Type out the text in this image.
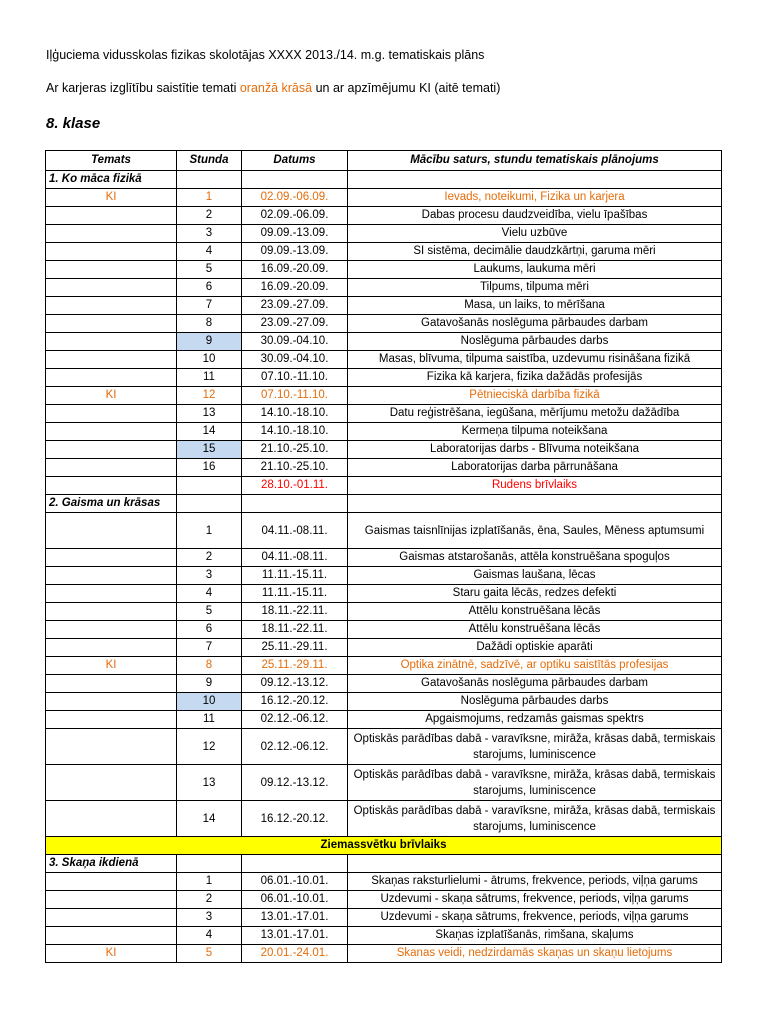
Iļģuciema vidusskolas fizikas skolotājas XXXX 2013./14. m.g. tematiskais plāns
Ar karjeras izglītību saistītie temati oranžā krāsā un ar apzīmējumu KI (aitē temati)
8. klase
Temats	Stunda	Datums	Mācību saturs, stundu tematiskais plānojums
1. Ko māca fizikā			
KI	1	02.09.-06.09.	Ievads, noteikumi, Fizika un karjera
	2	02.09.-06.09.	Dabas procesu daudzveidība, vielu īpašības
	3	09.09.-13.09.	Vielu uzbūve
	4	09.09.-13.09.	SI sistēma, decimālie daudzkārtņi, garuma mēri
	5	16.09.-20.09.	Laukums, laukuma mēri
	6	16.09.-20.09.	Tilpums, tilpuma mēri
	7	23.09.-27.09.	Masa, un laiks, to mērīšana
	8	23.09.-27.09.	Gatavošanās noslēguma pārbaudes darbam
	9	30.09.-04.10.	Noslēguma pārbaudes darbs
	10	30.09.-04.10.	Masas, blīvuma, tilpuma saistība, uzdevumu risināšana fizikā
	11	07.10.-11.10.	Fizika kā karjera, fizika dažādās profesijās
KI	12	07.10.-11.10.	Pētnieciskā darbība fizikā
	13	14.10.-18.10.	Datu reģistrēšana, iegūšana, mērījumu metožu dažādība
	14	14.10.-18.10.	Kermeņa tilpuma noteikšana
	15	21.10.-25.10.	Laboratorijas darbs - Blīvuma noteikšana
	16	21.10.-25.10.	Laboratorijas darba pārrunāšana
		28.10.-01.11.	Rudens brīvlaiks
2. Gaisma un krāsas			
	1	04.11.-08.11.	Gaismas taisnlīnijas izplatīšanās, ēna, Saules, Mēness aptumsumi
	2	04.11.-08.11.	Gaismas atstarošanās, attēla konstruēšana spoguļos
	3	11.11.-15.11.	Gaismas laušana, lēcas
	4	11.11.-15.11.	Staru gaita lēcās, redzes defekti
	5	18.11.-22.11.	Attēlu konstruēšana lēcās
	6	18.11.-22.11.	Attēlu konstruēšana lēcās
	7	25.11.-29.11.	Dažādi optiskie aparāti
KI	8	25.11.-29.11.	Optika zinātnē, sadzīvē, ar optiku saistītās profesijas
	9	09.12.-13.12.	Gatavošanās noslēguma pārbaudes darbam
	10	16.12.-20.12.	Noslēguma pārbaudes darbs
	11	02.12.-06.12.	Apgaismojums, redzamās gaismas spektrs
	12	02.12.-06.12.	Optiskās parādības dabā - varavīksne, mirāža, krāsas dabā, termiskais starojums, luminiscence
	13	09.12.-13.12.	Optiskās parādības dabā - varavīksne, mirāža, krāsas dabā, termiskais starojums, luminiscence
	14	16.12.-20.12.	Optiskās parādības dabā - varavīksne, mirāža, krāsas dabā, termiskais starojums, luminiscence
Ziemassvētku brīvlaiks			
3. Skaņa ikdienā			
	1	06.01.-10.01.	Skaņas raksturlielumi - ātrums, frekvence, periods, viļņa garums
	2	06.01.-10.01.	Uzdevumi - skaņa sātrums, frekvence, periods, viļņa garums
	3	13.01.-17.01.	Uzdevumi - skaņa sātrums, frekvence, periods, viļņa garums
	4	13.01.-17.01.	Skaņas izplatīšanās, rimšana, skaļums
KI	5	20.01.-24.01.	Skanas veidi, nedzirdamās skaņas un skaņu lietojums
